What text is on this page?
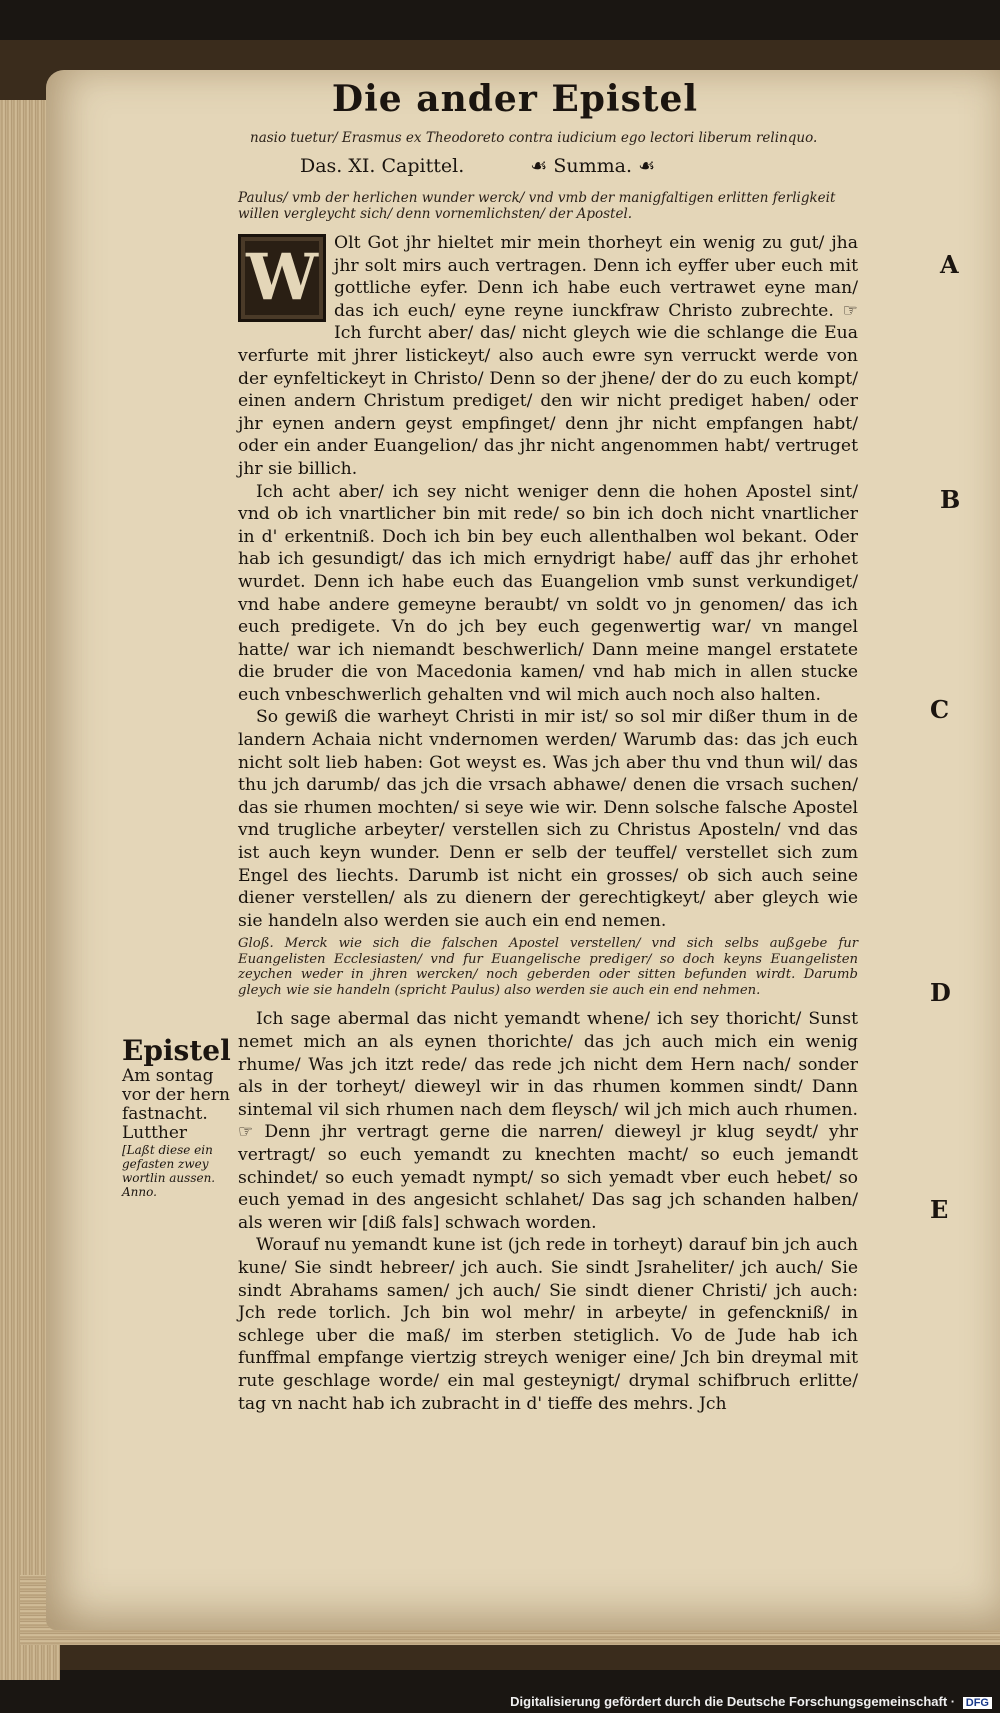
Die ander Epistel
nasio tuetur/ Erasmus ex Theodoreto contra iudicium ego lectori liberum relinquo.
Das. XI. Capittel.	☙ Summa. ☙
Paulus/ vmb der herlichen wunder werck/ vnd vmb der manigfaltigen erlitten ferligkeit willen vergleycht sich/ denn vornemlichsten/ der Apostel.

W Olt Got jhr hieltet mir mein thorheyt ein wenig zu gut/ jha jhr solt mirs auch vertragen. Denn ich eyffer uber euch mit gottliche eyfer. Denn ich habe euch vertrawet eyne man/ das ich euch/ eyne reyne iunckfraw Christo zubrechte. ☞ Ich furcht aber/ das/ nicht gleych wie die schlange die Eua verfurte mit jhrer listickeyt/ also auch ewre syn verruckt werde von der eynfeltickeyt in Christo/ Denn so der jhene/ der do zu euch kompt/ einen andern Christum prediget/ den wir nicht prediget haben/ oder jhr eynen andern geyst empfinget/ denn jhr nicht empfangen habt/ oder ein ander Euangelion/ das jhr nicht angenommen habt/ vertruget jhr sie billich.

Ich acht aber/ ich sey nicht weniger denn die hohen Apostel sint/ vnd ob ich vnartlicher bin mit rede/ so bin ich doch nicht vnartlicher in d' erkentniß. Doch ich bin bey euch allenthalben wol bekant. Oder hab ich gesundigt/ das ich mich ernydrigt habe/ auff das jhr erhohet wurdet. Denn ich habe euch das Euangelion vmb sunst verkundiget/ vnd habe andere gemeyne beraubt/ vn soldt vo jn genomen/ das ich euch predigete. Vn do jch bey euch gegenwertig war/ vn mangel hatte/ war ich niemandt beschwerlich/ Dann meine mangel erstatete die bruder die von Macedonia kamen/ vnd hab mich in allen stucke euch vnbeschwerlich gehalten vnd wil mich auch noch also halten.

So gewiß die warheyt Christi in mir ist/ so sol mir dißer thum in de landern Achaia nicht vndernomen werden/ Warumb das: das jch euch nicht solt lieb haben: Got weyst es. Was jch aber thu vnd thun wil/ das thu jch darumb/ das jch die vrsach abhawe/ denen die vrsach suchen/ das sie rhumen mochten/ si seye wie wir. Denn solsche falsche Apostel vnd trugliche arbeyter/ verstellen sich zu Christus Aposteln/ vnd das ist auch keyn wunder. Denn er selb der teuffel/ verstellet sich zum Engel des liechts. Darumb ist nicht ein grosses/ ob sich auch seine diener verstellen/ als zu dienern der gerechtigkeyt/ aber gleych wie sie handeln also werden sie auch ein end nemen.

Gloß. Merck wie sich die falschen Apostel verstellen/ vnd sich selbs außgebe fur Euangelisten Ecclesiasten/ vnd fur Euangelische prediger/ so doch keyns Euangelisten zeychen weder in jhren wercken/ noch geberden oder sitten befunden wirdt. Darumb gleych wie sie handeln (spricht Paulus) also werden sie auch ein end nehmen.

Ich sage abermal das nicht yemandt whene/ ich sey thoricht/ Sunst nemet mich an als eynen thorichte/ das jch auch mich ein wenig rhume/ Was jch itzt rede/ das rede jch nicht dem Hern nach/ sonder als in der torheyt/ dieweyl wir in das rhumen kommen sindt/ Dann sintemal vil sich rhumen nach dem fleysch/ wil jch mich auch rhumen. ☞ Denn jhr vertragt gerne die narren/ dieweyl jr klug seydt/ yhr vertragt/ so euch yemandt zu knechten macht/ so euch jemandt schindet/ so euch yemadt nympt/ so sich yemadt vber euch hebet/ so euch yemad in des angesicht schlahet/ Das sag jch schanden halben/ als weren wir [diß fals] schwach worden.

Worauf nu yemandt kune ist (jch rede in torheyt) darauf bin jch auch kune/ Sie sindt hebreer/ jch auch. Sie sindt Jsraheliter/ jch auch/ Sie sindt Abrahams samen/ jch auch/ Sie sindt diener Christi/ jch auch: Jch rede torlich. Jch bin wol mehr/ in arbeyte/ in gefenckniß/ in schlege uber die maß/ im sterben stetiglich. Vo de Jude hab ich funffmal empfange viertzig streych weniger eine/ Jch bin dreymal mit rute geschlage worde/ ein mal gesteynigt/ drymal schifbruch erlitte/ tag vn nacht hab ich zubracht in d' tieffe des mehrs. Jch

A
B
C
D
E
Epistel
Am sontag
vor der hern
fastnacht.
Lutther
[Laßt diese ein gefasten zwey wortlin aussen. Anno.
Digitalisierung gefördert durch die Deutsche Forschungsgemeinschaft · DFG
